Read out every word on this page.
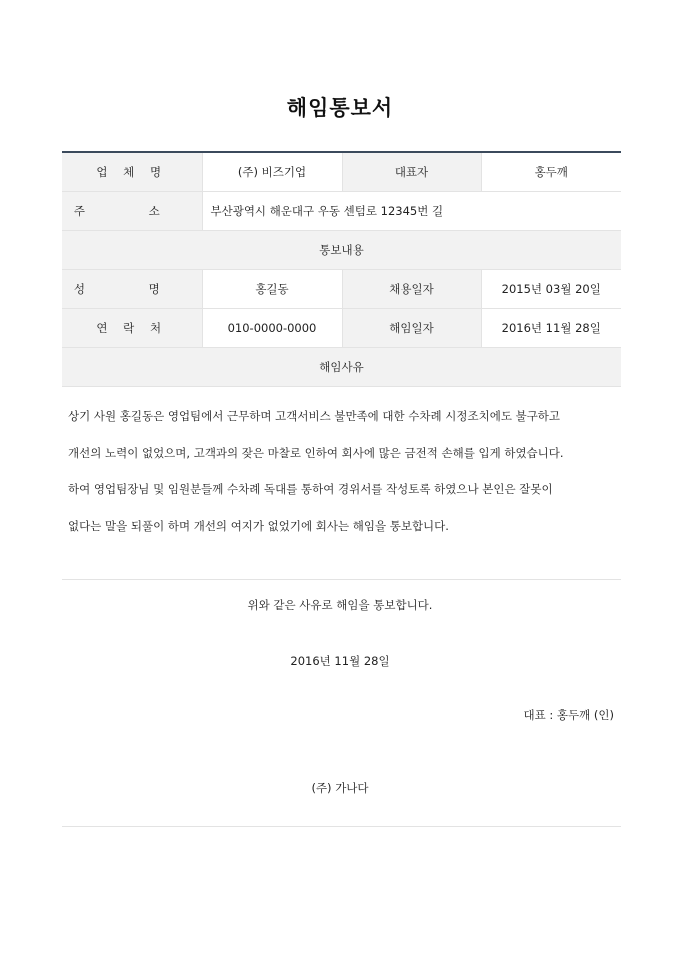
해임통보서
업 체 명	(주) 비즈기업	대표자	홍두깨
주 소	부산광역시 해운대구 우동 센텀로 12345번 길		
통보내용			
성 명	홍길동	채용일자	2015년 03월 20일
연 락 처	010-0000-0000	해임일자	2016년 11월 28일
해임사유			

상기 사원 홍길동은 영업팀에서 근무하며 고객서비스 불만족에 대한 수차례 시정조치에도 불구하고

개선의 노력이 없었으며, 고객과의 잦은 마찰로 인하여 회사에 많은 금전적 손해를 입게 하였습니다.

하여 영업팀장님 및 임원분들께 수차례 독대를 통하여 경위서를 작성토록 하였으나 본인은 잘못이

없다는 말을 되풀이 하며 개선의 여지가 없었기에 회사는 해임을 통보합니다.

위와 같은 사유로 해임을 통보합니다.
2016년 11월 28일
대표 : 홍두깨 (인)
(주) 가나다
